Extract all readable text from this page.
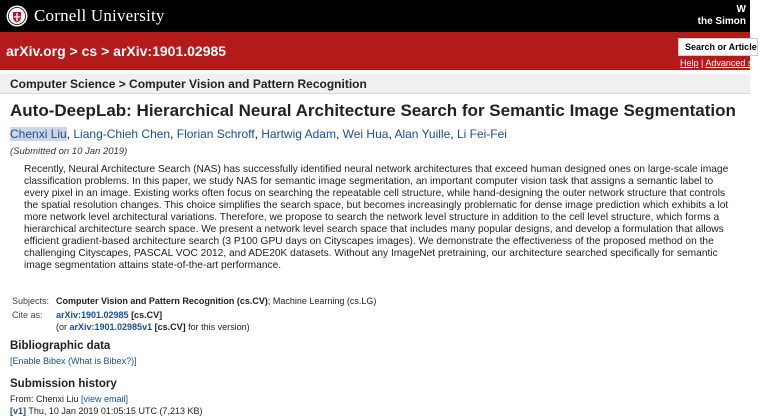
Cornell University	W
the Simon
arXiv.org > cs > arXiv:1901.02985	Search or Article
Help | Advanced sea
Computer Science > Computer Vision and Pattern Recognition
Auto-DeepLab: Hierarchical Neural Architecture Search for Semantic Image Segmentation
Chenxi Liu, Liang-Chieh Chen, Florian Schroff, Hartwig Adam, Wei Hua, Alan Yuille, Li Fei-Fei
(Submitted on 10 Jan 2019)
Recently, Neural Architecture Search (NAS) has successfully identified neural network architectures that exceed human designed ones on large-scale image classification problems. In this paper, we study NAS for semantic image segmentation, an important computer vision task that assigns a semantic label to every pixel in an image. Existing works often focus on searching the repeatable cell structure, while hand-designing the outer network structure that controls the spatial resolution changes. This choice simplifies the search space, but becomes increasingly problematic for dense image prediction which exhibits a lot more network level architectural variations. Therefore, we propose to search the network level structure in addition to the cell level structure, which forms a hierarchical architecture search space. We present a network level search space that includes many popular designs, and develop a formulation that allows efficient gradient-based architecture search (3 P100 GPU days on Cityscapes images). We demonstrate the effectiveness of the proposed method on the challenging Cityscapes, PASCAL VOC 2012, and ADE20K datasets. Without any ImageNet pretraining, our architecture searched specifically for semantic image segmentation attains state-of-the-art performance.
Subjects:	Computer Vision and Pattern Recognition (cs.CV); Machine Learning (cs.LG)
Cite as:	arXiv:1901.02985 [cs.CV]
(or arXiv:1901.02985v1 [cs.CV] for this version)
Bibliographic data
[Enable Bibex (What is Bibex?)]
Submission history
From: Chenxi Liu [view email]
[v1] Thu, 10 Jan 2019 01:05:15 UTC (7,213 KB)
